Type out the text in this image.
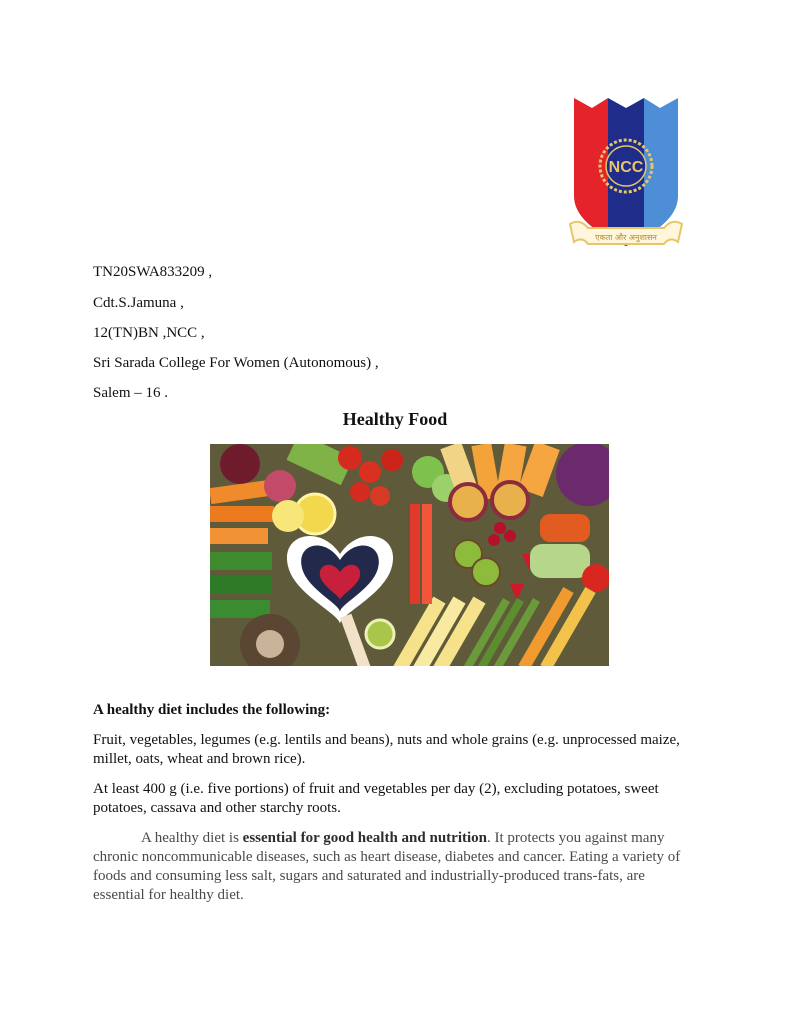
NCC
एकता और अनुशासन
TN20SWA833209 ,
Cdt.S.Jamuna ,
12(TN)BN ,NCC ,
Sri Sarada College For Women (Autonomous) ,
Salem – 16 .
Healthy Food
A healthy diet includes the following:
Fruit, vegetables, legumes (e.g. lentils and beans), nuts and whole grains (e.g. unprocessed maize, millet, oats, wheat and brown rice).
At least 400 g (i.e. five portions) of fruit and vegetables per day (2), excluding potatoes, sweet potatoes, cassava and other starchy roots.
A healthy diet is essential for good health and nutrition. It protects you against many chronic noncommunicable diseases, such as heart disease, diabetes and cancer. Eating a variety of foods and consuming less salt, sugars and saturated and industrially-produced trans-fats, are essential for healthy diet.
